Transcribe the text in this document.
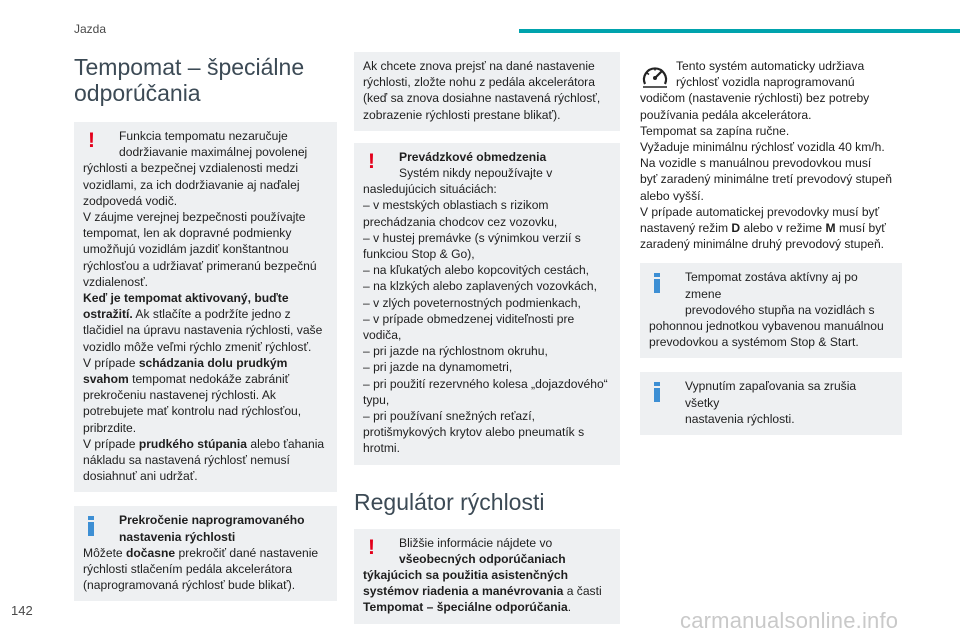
Jazda
Tempomat – špeciálne odporúčania
!	Funkcia tempomatu nezaručuje

dodržiavanie maximálnej povolenej

rýchlosti a bezpečnej vzdialenosti medzi

vozidlami, za ich dodržiavanie aj naďalej

zodpovedá vodič.

V záujme verejnej bezpečnosti používajte

tempomat, len ak dopravné podmienky

umožňujú vozidlám jazdiť konštantnou

rýchlosťou a udržiavať primeranú bezpečnú

vzdialenosť.

Keď je tempomat aktivovaný, buďte

ostražití. Ak stlačíte a podržíte jedno z

tlačidiel na úpravu nastavenia rýchlosti, vaše

vozidlo môže veľmi rýchlo zmeniť rýchlosť.

V prípade schádzania dolu prudkým

svahom tempomat nedokáže zabrániť

prekročeniu nastavenej rýchlosti. Ak

potrebujete mať kontrolu nad rýchlosťou,

pribrzdite.

V prípade prudkého stúpania alebo ťahania

nákladu sa nastavená rýchlosť nemusí

dosiahnuť ani udržať.

Prekročenie naprogramovaného

nastavenia rýchlosti

Môžete dočasne prekročiť dané nastavenie

rýchlosti stlačením pedála akcelerátora

(naprogramovaná rýchlosť bude blikať).

Ak chcete znova prejsť na dané nastavenie

rýchlosti, zložte nohu z pedála akcelerátora

(keď sa znova dosiahne nastavená rýchlosť,

zobrazenie rýchlosti prestane blikať).

!	Prevádzkové obmedzenia

Systém nikdy nepoužívajte v

nasledujúcich situáciách:

– v mestských oblastiach s rizikom

prechádzania chodcov cez vozovku,

– v hustej premávke (s výnimkou verzií s

funkciou Stop & Go),

– na kľukatých alebo kopcovitých cestách,

– na klzkých alebo zaplavených vozovkách,

– v zlých poveternostných podmienkach,

– v prípade obmedzenej viditeľnosti pre

vodiča,

– pri jazde na rýchlostnom okruhu,

– pri jazde na dynamometri,

– pri použití rezervného kolesa „dojazdového“

typu,

– pri používaní snežných reťazí,

protišmykových krytov alebo pneumatík s

hrotmi.

Regulátor rýchlosti
!	Bližšie informácie nájdete vo

všeobecných odporúčaniach

týkajúcich sa použitia asistenčných

systémov riadenia a manévrovania a časti

Tempomat – špeciálne odporúčania.

Tento systém automaticky udržiava

rýchlosť vozidla naprogramovanú

vodičom (nastavenie rýchlosti) bez potreby

používania pedála akcelerátora.

Tempomat sa zapína ručne.

Vyžaduje minimálnu rýchlosť vozidla 40 km/h.

Na vozidle s manuálnou prevodovkou musí

byť zaradený minimálne tretí prevodový stupeň

alebo vyšší.

V prípade automatickej prevodovky musí byť

nastavený režim D alebo v režime M musí byť

zaradený minimálne druhý prevodový stupeň.

Tempomat zostáva aktívny aj po zmene

prevodového stupňa na vozidlách s

pohonnou jednotkou vybavenou manuálnou

prevodovkou a systémom Stop & Start.

Vypnutím zapaľovania sa zrušia všetky

nastavenia rýchlosti.

142	carmanualsonline.info
